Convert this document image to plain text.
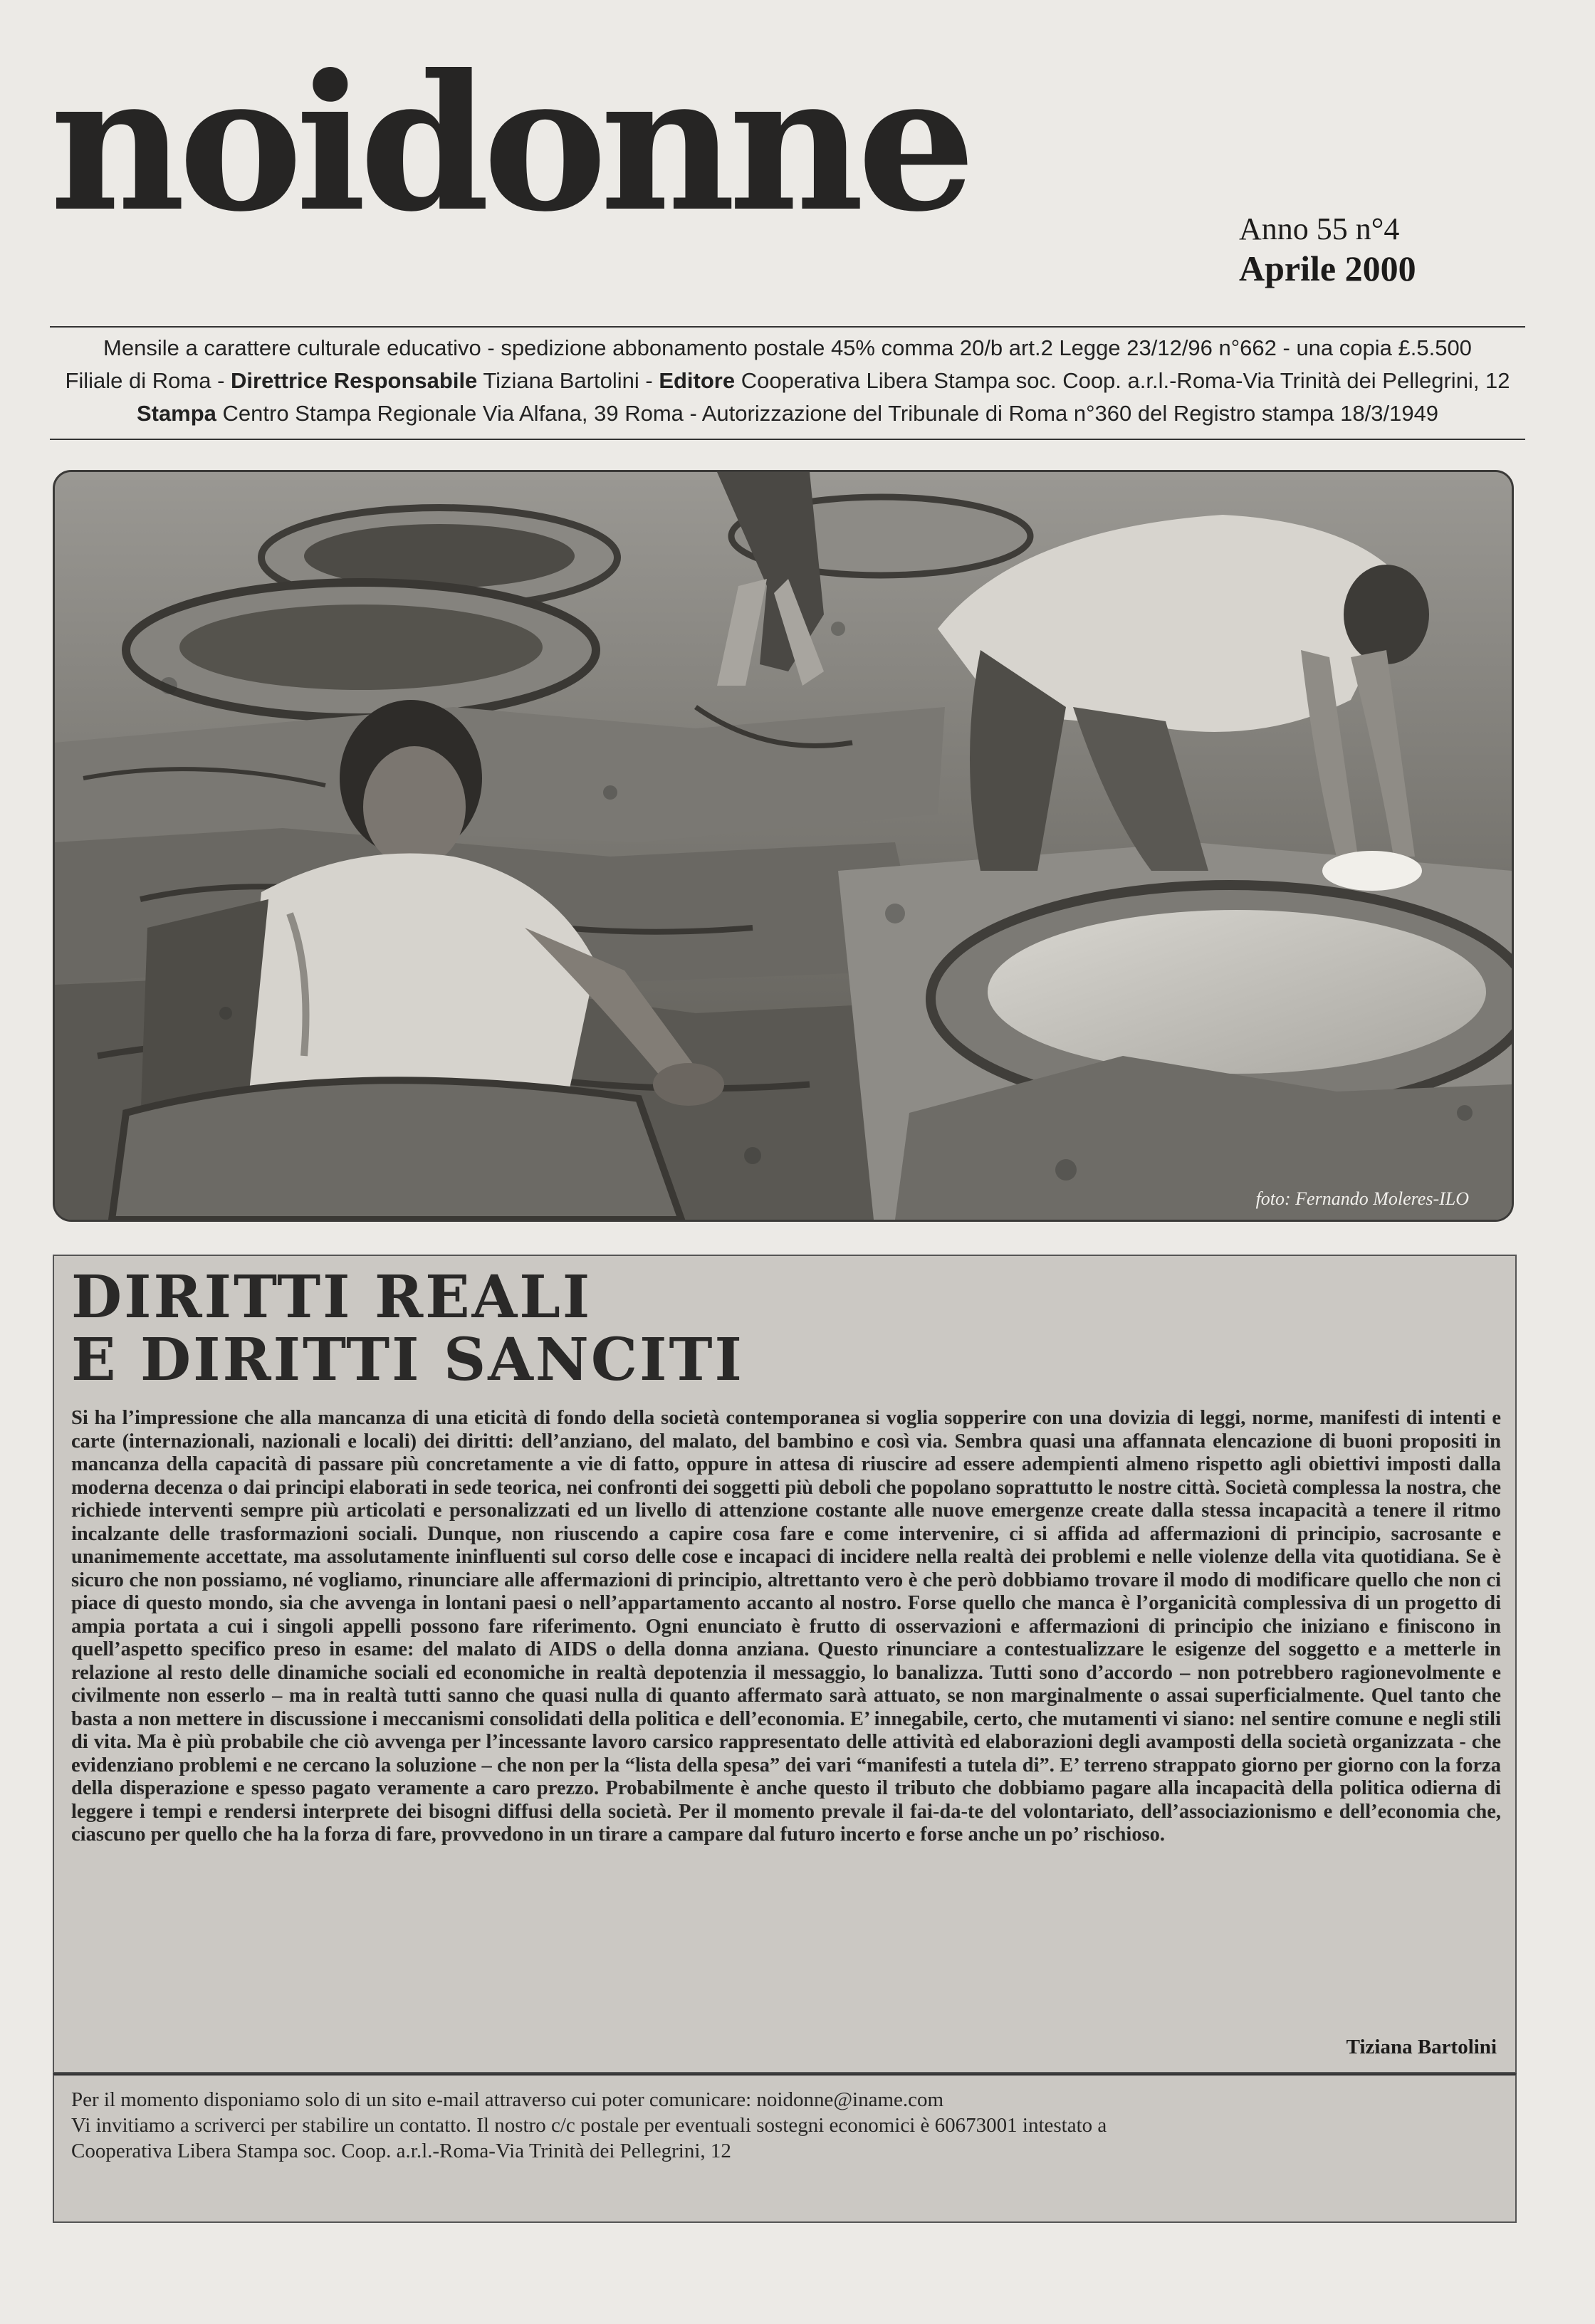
noidonne	Anno 55 n°4
Aprile 2000
Mensile a carattere culturale educativo - spedizione abbonamento postale 45% comma 20/b art.2 Legge 23/12/96 n°662 - una copia £.5.500
Filiale di Roma - Direttrice Responsabile Tiziana Bartolini - Editore Cooperativa Libera Stampa soc. Coop. a.r.l.-Roma-Via Trinità dei Pellegrini, 12
Stampa Centro Stampa Regionale Via Alfana, 39 Roma - Autorizzazione del Tribunale di Roma n°360 del Registro stampa 18/3/1949
foto: Fernando Moleres-ILO
DIRITTI REALI
E DIRITTI SANCITI

Si ha l’impressione che alla mancanza di una eticità di fondo della società contemporanea si voglia sopperire con una dovizia di leggi, norme, manifesti di intenti e carte (internazionali, nazionali e locali) dei diritti: dell’anziano, del malato, del bambino e così via. Sembra quasi una affannata elencazione di buoni propositi in mancanza della capacità di passare più concretamente a vie di fatto, oppure in attesa di riuscire ad essere adempienti almeno rispetto agli obiettivi imposti dalla moderna decenza o dai principi elaborati in sede teorica, nei confronti dei soggetti più deboli che popolano soprattutto le nostre città. Società complessa la nostra, che richiede interventi sempre più articolati e personalizzati ed un livello di attenzione costante alle nuove emergenze create dalla stessa incapacità a tenere il ritmo incalzante delle trasformazioni sociali. Dunque, non riuscendo a capire cosa fare e come intervenire, ci si affida ad affermazioni di principio, sacrosante e unanimemente accettate, ma assolutamente ininfluenti sul corso delle cose e incapaci di incidere nella realtà dei problemi e nelle violenze della vita quotidiana. Se è sicuro che non possiamo, né vogliamo, rinunciare alle affermazioni di principio, altrettanto vero è che però dobbiamo trovare il modo di modificare quello che non ci piace di questo mondo, sia che avvenga in lontani paesi o nell’appartamento accanto al nostro. Forse quello che manca è l’organicità complessiva di un progetto di ampia portata a cui i singoli appelli possono fare riferimento. Ogni enunciato è frutto di osservazioni e affermazioni di principio che iniziano e finiscono in quell’aspetto specifico preso in esame: del malato di AIDS o della donna anziana. Questo rinunciare a contestualizzare le esigenze del soggetto e a metterle in relazione al resto delle dinamiche sociali ed economiche in realtà depotenzia il messaggio, lo banalizza. Tutti sono d’accordo – non potrebbero ragionevolmente e civilmente non esserlo – ma in realtà tutti sanno che quasi nulla di quanto affermato sarà attuato, se non marginalmente o assai superficialmente. Quel tanto che basta a non mettere in discussione i meccanismi consolidati della politica e dell’economia. E’ innegabile, certo, che mutamenti vi siano: nel sentire comune e negli stili di vita. Ma è più probabile che ciò avvenga per l’incessante lavoro carsico rappresentato delle attività ed elaborazioni degli avamposti della società organizzata - che evidenziano problemi e ne cercano la soluzione – che non per la “lista della spesa” dei vari “manifesti a tutela di”. E’ terreno strappato giorno per giorno con la forza della disperazione e spesso pagato veramente a caro prezzo. Probabilmente è anche questo il tributo che dobbiamo pagare alla incapacità della politica odierna di leggere i tempi e rendersi interprete dei bisogni diffusi della società. Per il momento prevale il fai-da-te del volontariato, dell’associazionismo e dell’economia che, ciascuno per quello che ha la forza di fare, provvedono in un tirare a campare dal futuro incerto e forse anche un po’ rischioso.

Tiziana Bartolini

Per il momento disponiamo solo di un sito e-mail attraverso cui poter comunicare: noidonne@iname.com
Vi invitiamo a scriverci per stabilire un contatto. Il nostro c/c postale per eventuali sostegni economici è 60673001 intestato a
Cooperativa Libera Stampa soc. Coop. a.r.l.-Roma-Via Trinità dei Pellegrini, 12
